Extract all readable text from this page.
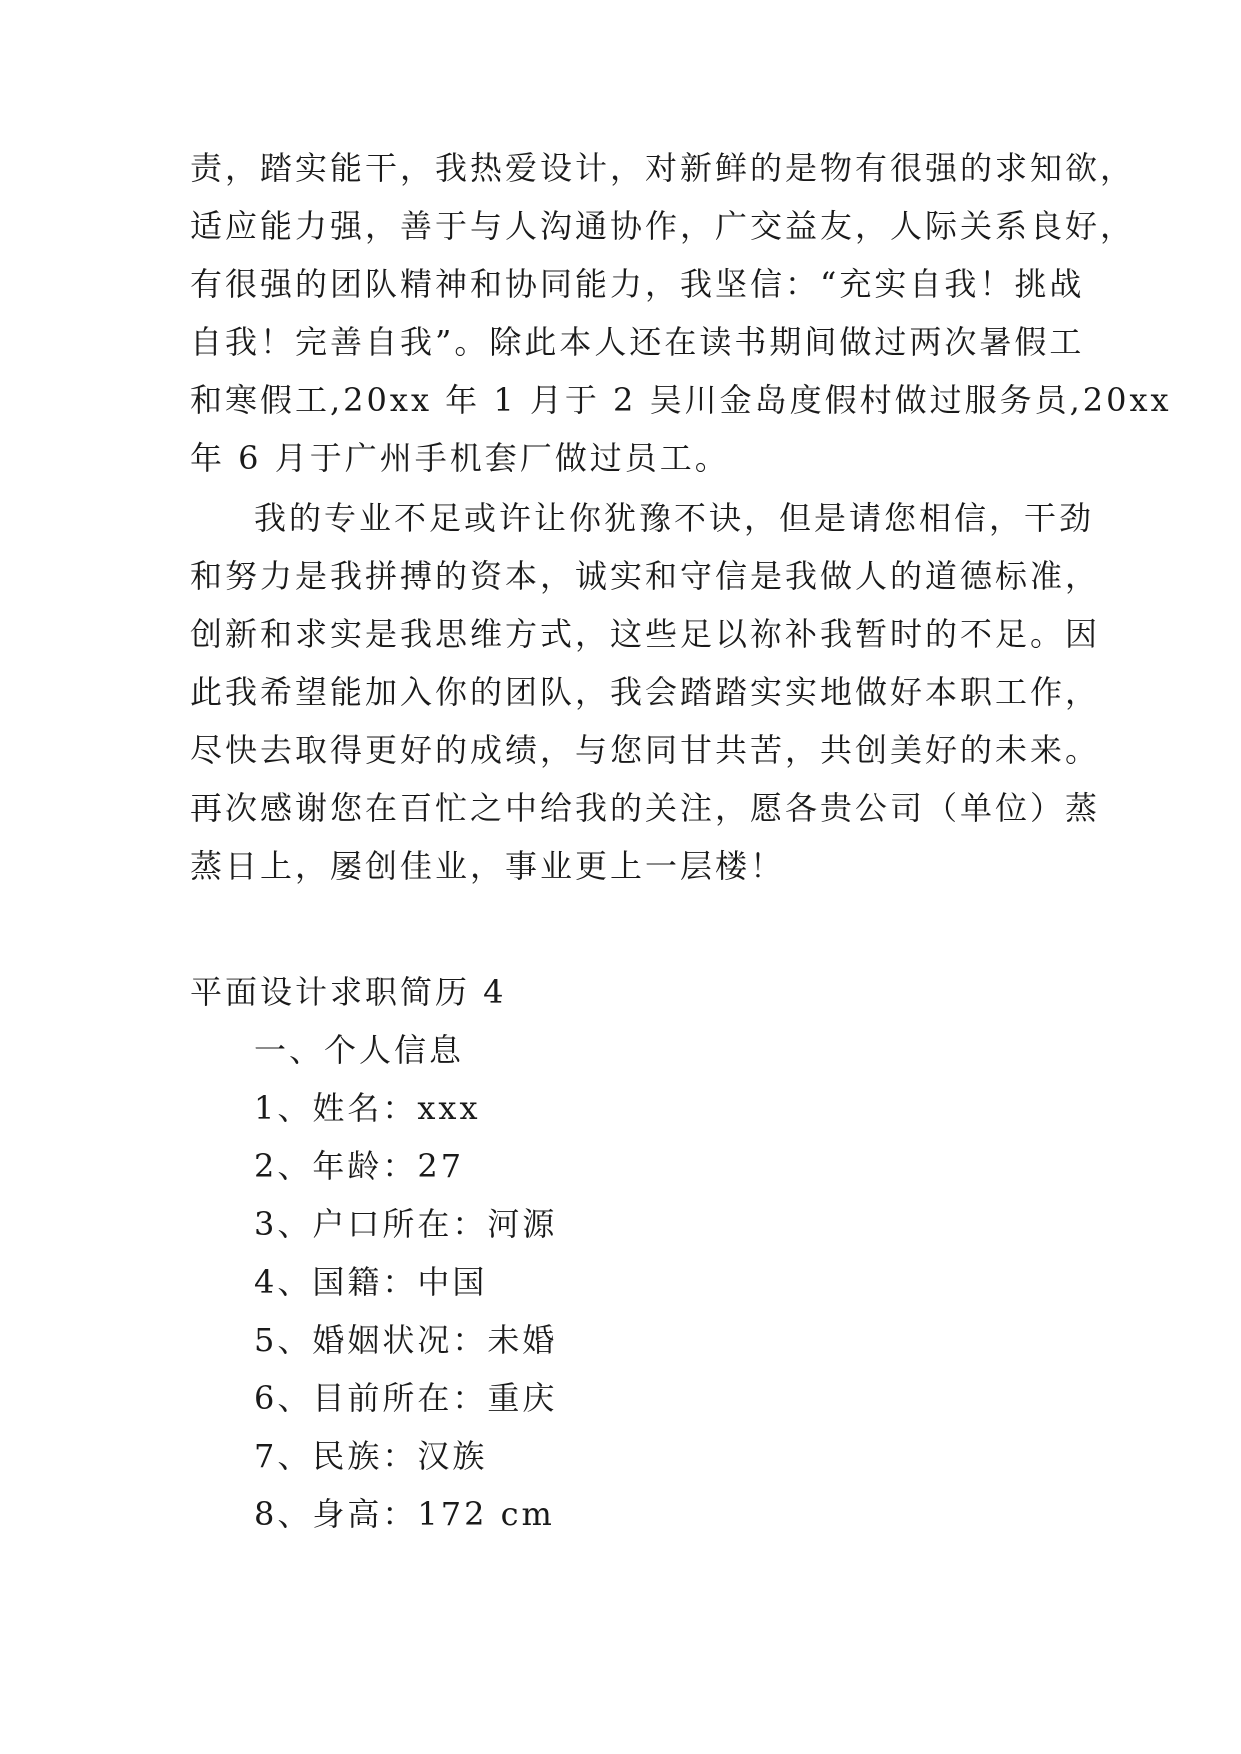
责，踏实能干，我热爱设计，对新鲜的是物有很强的求知欲，
适应能力强，善于与人沟通协作，广交益友，人际关系良好，
有很强的团队精神和协同能力，我坚信：“充实自我！挑战
自我！完善自我”。除此本人还在读书期间做过两次暑假工
和寒假工,20xx 年 1 月于 2 吴川金岛度假村做过服务员,20xx
年 6 月于广州手机套厂做过员工。
我的专业不足或许让你犹豫不诀，但是请您相信，干劲
和努力是我拼搏的资本，诚实和守信是我做人的道德标准，
创新和求实是我思维方式，这些足以祢补我暂时的不足。因
此我希望能加入你的团队，我会踏踏实实地做好本职工作，
尽快去取得更好的成绩，与您同甘共苦，共创美好的未来。
再次感谢您在百忙之中给我的关注，愿各贵公司（单位）蒸
蒸日上，屡创佳业，事业更上一层楼！
平面设计求职简历 4
一、个人信息
1、姓名：xxx
2、年龄：27
3、户口所在：河源
4、国籍：中国
5、婚姻状况：未婚
6、目前所在：重庆
7、民族：汉族
8、身高：172 cm
